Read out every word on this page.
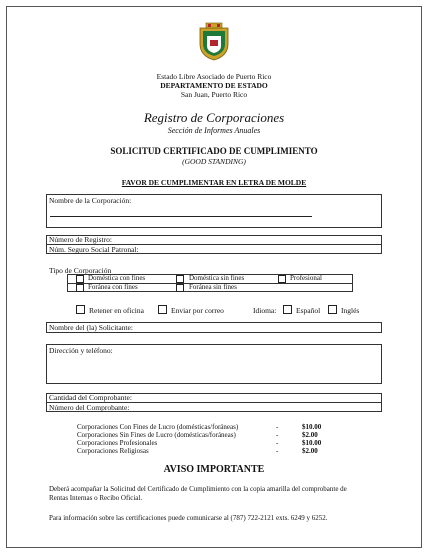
Estado Libre Asociado de Puerto Rico
DEPARTAMENTO DE ESTADO
San Juan, Puerto Rico
Registro de Corporaciones
Sección de Informes Anuales
SOLICITUD CERTIFICADO DE CUMPLIMIENTO
(GOOD STANDING)
FAVOR DE CUMPLIMENTAR EN LETRA DE MOLDE
Nombre de la Corporación:
Número de Registro:
Núm. Seguro Social Patronal:
Tipo de Corporación
Doméstica con fines	Doméstica sin fines	Profesional
Foránea con fines	Foránea sin fines
Retener en oficina	Enviar por correo	Idioma:	Español	Inglés
Nombre del (la) Solicitante:
Dirección y teléfono:
Cantidad del Comprobante:
Número del Comprobante:
Corporaciones Con Fines de Lucro (domésticas/foráneas)	-	$10.00
Corporaciones Sin Fines de Lucro (domésticas/foráneas)	-	$2.00
Corporaciones Profesionales	-	$10.00
Corporaciones Religiosas	-	$2.00
AVISO IMPORTANTE
Deberá acompañar la Solicitud del Certificado de Cumplimiento con la copia amarilla del comprobante de
Rentas Internas o Recibo Oficial.
Para información sobre las certificaciones puede comunicarse al (787) 722-2121 exts. 6249 y 6252.
